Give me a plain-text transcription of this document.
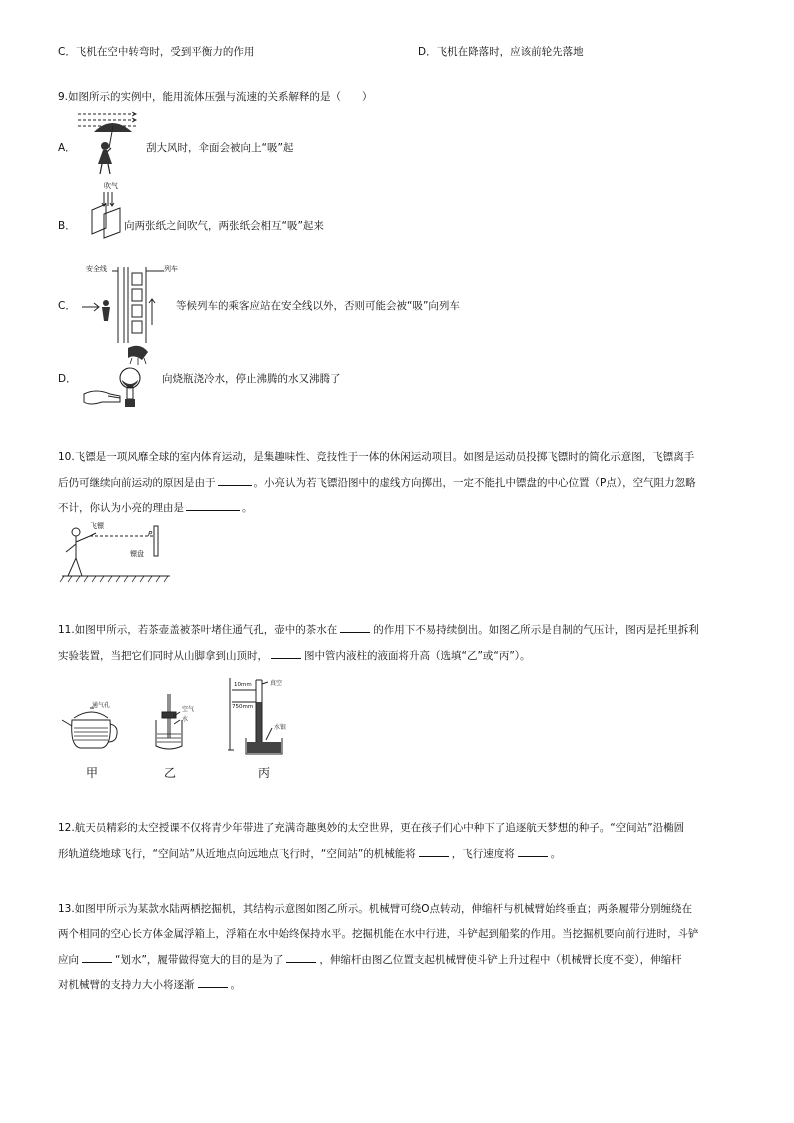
C．飞机在空中转弯时，受到平衡力的作用	D．飞机在降落时，应该前轮先落地
9.如图所示的实例中，能用流体压强与流速的关系解释的是（　　）
A．	刮大风时，伞面会被向上“吸”起
B．
吹气
向两张纸之间吹气，两张纸会相互“吸”起来
C．
安全线	列车
等候列车的乘客应站在安全线以外，否则可能会被“吸”向列车
D．	向烧瓶浇冷水，停止沸腾的水又沸腾了
10.飞镖是一项风靡全球的室内体育运动，是集趣味性、竞技性于一体的休闲运动项目。如图是运动员投掷飞镖时的简化示意图，飞镖离手
后仍可继续向前运动的原因是由于	。小亮认为若飞镖沿图中的虚线方向掷出，一定不能扎中镖盘的中心位置（P点），空气阻力忽略
不计，你认为小亮的理由是	。
飞镖
P
镖盘
11.如图甲所示，若茶壶盖被茶叶堵住通气孔，壶中的茶水在	的作用下不易持续倒出。如图乙所示是自制的气压计，图丙是托里拆利
实验装置，当把它们同时从山脚拿到山顶时，	图中管内液柱的液面将升高（选填“乙”或“丙”）。
通气孔
甲
空气
水
乙
10mm
750mm
真空
水银
丙
12.航天员精彩的太空授课不仅将青少年带进了充满奇趣奥妙的太空世界，更在孩子们心中种下了追逐航天梦想的种子。“空间站”沿椭圆
形轨道绕地球飞行，“空间站”从近地点向远地点飞行时，“空间站”的机械能将	，飞行速度将	。
13.如图甲所示为某款水陆两栖挖掘机，其结构示意图如图乙所示。机械臂可绕O点转动，伸缩杆与机械臂始终垂直；两条履带分别缠绕在
两个相同的空心长方体金属浮箱上，浮箱在水中始终保持水平。挖掘机能在水中行进，斗铲起到船桨的作用。当挖掘机要向前行进时，斗铲
应向	“划水”，履带做得宽大的目的是为了	，伸缩杆由图乙位置支起机械臂使斗铲上升过程中（机械臂长度不变），伸缩杆
对机械臂的支持力大小将逐渐	。
